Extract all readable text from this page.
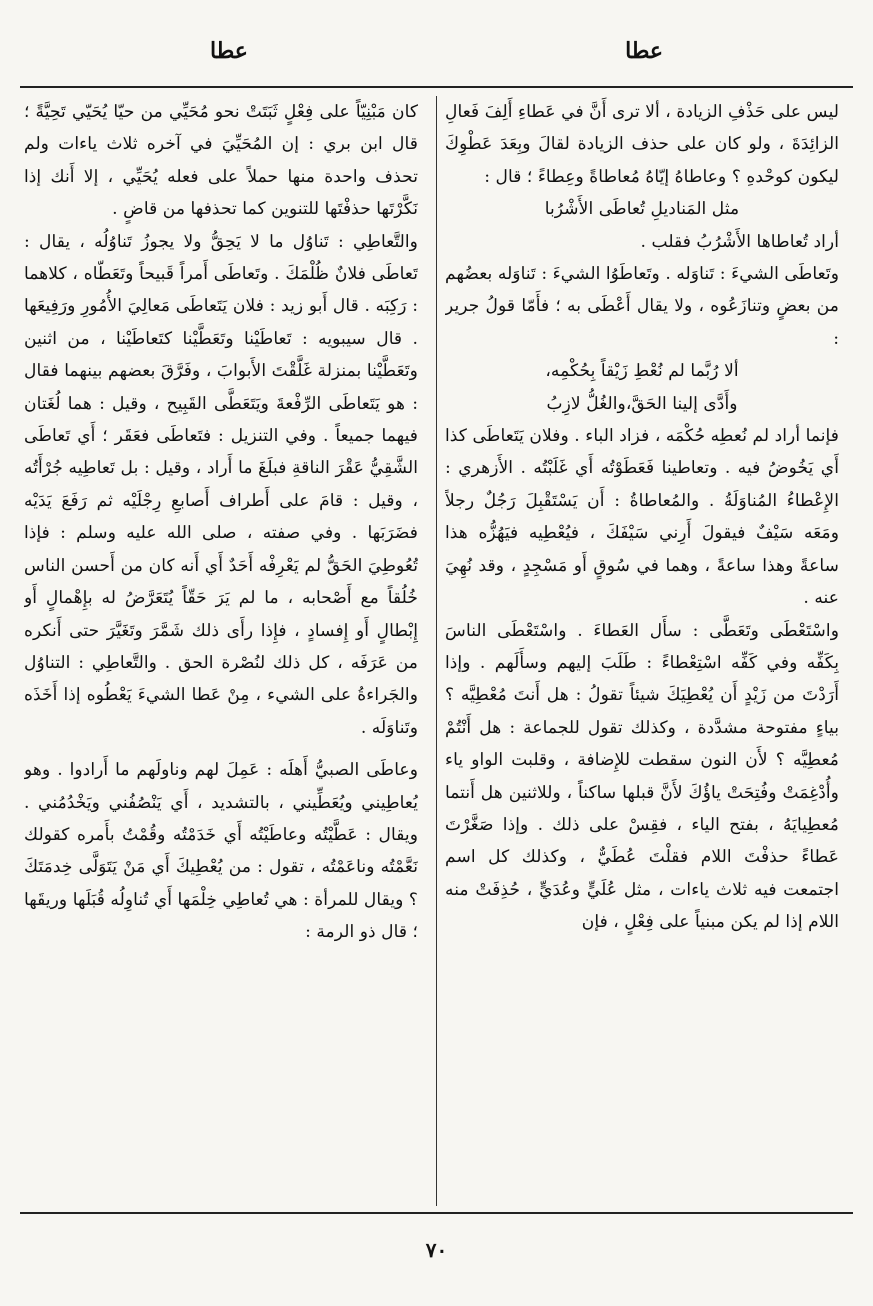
عطا
عطا

ليس على حَذْفِ الزيادة ، ألا ترى أَنَّ في عَطاءِ أَلِفَ فَعالِ الزائِدَةَ ، ولو كان على حذف الزيادة لقالَ وبِعَدَ عَطْوِكَ ليكون كوحْدهِ ؟ وعاطاهُ إيّاهُ مُعاطاةً وعِطاءً ؛ قال :

مثل المَناديلِ تُعاطَى الأَشْرُبا

أراد تُعاطاها الأَشْرُبُ فقلب .

وتَعاطَى الشيءَ : تَناوَله . وتَعاطَوُا الشيءَ : تَناوَله بعضُهم من بعضٍ وتنازَعُوه ، ولا يقال أَعْطَى به ؛ فأَمّا قولُ جرير :

ألا رُبَّما لم نُعْطِ زَيْقاً بِحُكْمِه،

وأَدَّى إلينا الحَقَّ،والغُلُّ لازِبُ

فإنما أراد لم نُعطِه حُكْمَه ، فزاد الباء . وفلان يَتَعاطَى كذا أَي يَخُوضُ فيه . وتعاطينا فَعَطَوْتُه أَي غَلَبْتُه . الأَزهري : الإِعْطاءُ المُناوَلَةُ . والمُعاطاةُ : أَن يَسْتَقْبِلَ رَجُلٌ رجلاً ومَعَه سَيْفٌ فيقولَ أَرِني سَيْفَكَ ، فيُعْطِيه فيَهُزُّه هذا ساعةً وهذا ساعةً ، وهما في سُوقٍ أَو مَسْجِدٍ ، وقد نُهِيَ عنه .

واسْتَعْطَى وتَعَطَّى : سأَل العَطاءَ . واسْتَعْطَى الناسَ بِكَفِّه وفي كَفِّه اسْتِعْطاءً : طَلَبَ إليهم وسأَلَهم . وإذا أَرَدْتَ من زَيْدٍ أَن يُعْطِيَكَ شيئاً تقولُ : هل أَنتَ مُعْطِيَّه ؟ بياءٍ مفتوحة مشدَّدة ، وكذلك تقول للجماعة : هل أَنْتُمْ مُعطِيَّه ؟ لأَن النون سقطت للإِضافة ، وقلبت الواو ياء وأُدْغِمَتْ وفُتِحَتْ ياؤُكَ لأَنَّ قبلها ساكناً ، وللاثنين هل أَنتما مُعطِيايَهُ ، بفتح الياء ، فقِسْ على ذلك . وإذا صَغَّرْتَ عَطاءً حذفْتَ اللام فقلْتَ عُطَيٌّ ، وكذلك كل اسم اجتمعت فيه ثلاث ياءات ، مثل عُلَيٍّ وعُدَيٍّ ، حُذِفَتْ منه اللام إذا لم يكن مبنياً على فِعْلٍ ، فإن

كان مَبْنِيّاً على فِعْلٍ ثَبَتَتْ نحو مُحَيِّي من حيّا يُحَيّي تَحِيَّةً ؛ قال ابن بري : إن المُحَيِّيَ في آخره ثلاث ياءات ولم تحذف واحدة منها حملاً على فعله يُحَيِّي ، إلا أَنك إذا نَكَّرْتَها حذفْتَها للتنوين كما تحذفها من قاضٍ .

والتَّعاطِي : تَناوُل ما لا يَحِقُّ ولا يجوزُ تَناوُلُه ، يقال : تَعاطَى فلانٌ ظُلْمَكَ . وتَعاطَى أَمراً قَبيحاً وتَعَطّاه ، كلاهما : رَكِبَه . قال أَبو زيد : فلان يَتَعاطَى مَعالِيَ الأُمُورِ ورَفِيعَها . قال سيبويه : تَعاطَيْنا وتَعَطَّيْنا كتَعاطَيْنا ، من اثنين وتَعَطَّيْنا بمنزلة غَلَّقْتَ الأَبوابَ ، وفَرَّقَ بعضهم بينهما فقال : هو يَتَعاطَى الرِّفْعةَ ويَتَعَطَّى القَبِيح ، وقيل : هما لُغَتان فيهما جميعاً . وفي التنزيل : فتَعاطَى فعَقَر ؛ أَي تَعاطَى الشَّقِيُّ عَقْرَ الناقةِ فبلَغَ ما أَراد ، وقيل : بل تَعاطِيه جُرْأَتُه ، وقيل : قامَ على أَطراف أَصابعِ رِجْلَيْه ثم رَفَعَ يَدَيْه فضَرَبَها . وفي صفته ، صلى الله عليه وسلم : فإذا تُعُوطِيَ الحَقُّ لم يَعْرِفْه أَحَدٌ أَي أَنه كان من أَحسن الناس خُلُقاً مع أَصْحابه ، ما لم يَرَ حَقّاً يُتَعَرَّضُ له بإِهْمالٍ أَو إِبْطالٍ أَو إِفسادٍ ، فإِذا رأَى ذلك شَمَّرَ وتَغَيَّرَ حتى أَنكره من عَرَفَه ، كل ذلك لنُصْرة الحق . والتَّعاطِي : التناوُل والجَراءةُ على الشيء ، مِنْ عَطا الشيءَ يَعْطُوه إذا أَخَذَه وتَناوَلَه .

وعاطَى الصبيُّ أَهلَه : عَمِلَ لهم وناولَهم ما أَرادوا . وهو يُعاطِيني ويُعَطِّيني ، بالتشديد ، أَي يَنْصُفُني ويَخْدُمُني . ويقال : عَطَّيْتُه وعاطَيْتُه أَي خَدَمْتُه وقُمْتُ بأَمره كقولك نَعَّمْتُه وناعَمْتُه ، تقول : من يُعْطِيكَ أَي مَنْ يَتَوَلَّى خِدمَتَكَ ؟ ويقال للمرأة : هي تُعاطِي خِلْمَها أَي تُناوِلُه قُبَلَها وريقَها ؛ قال ذو الرمة :

٧٠
